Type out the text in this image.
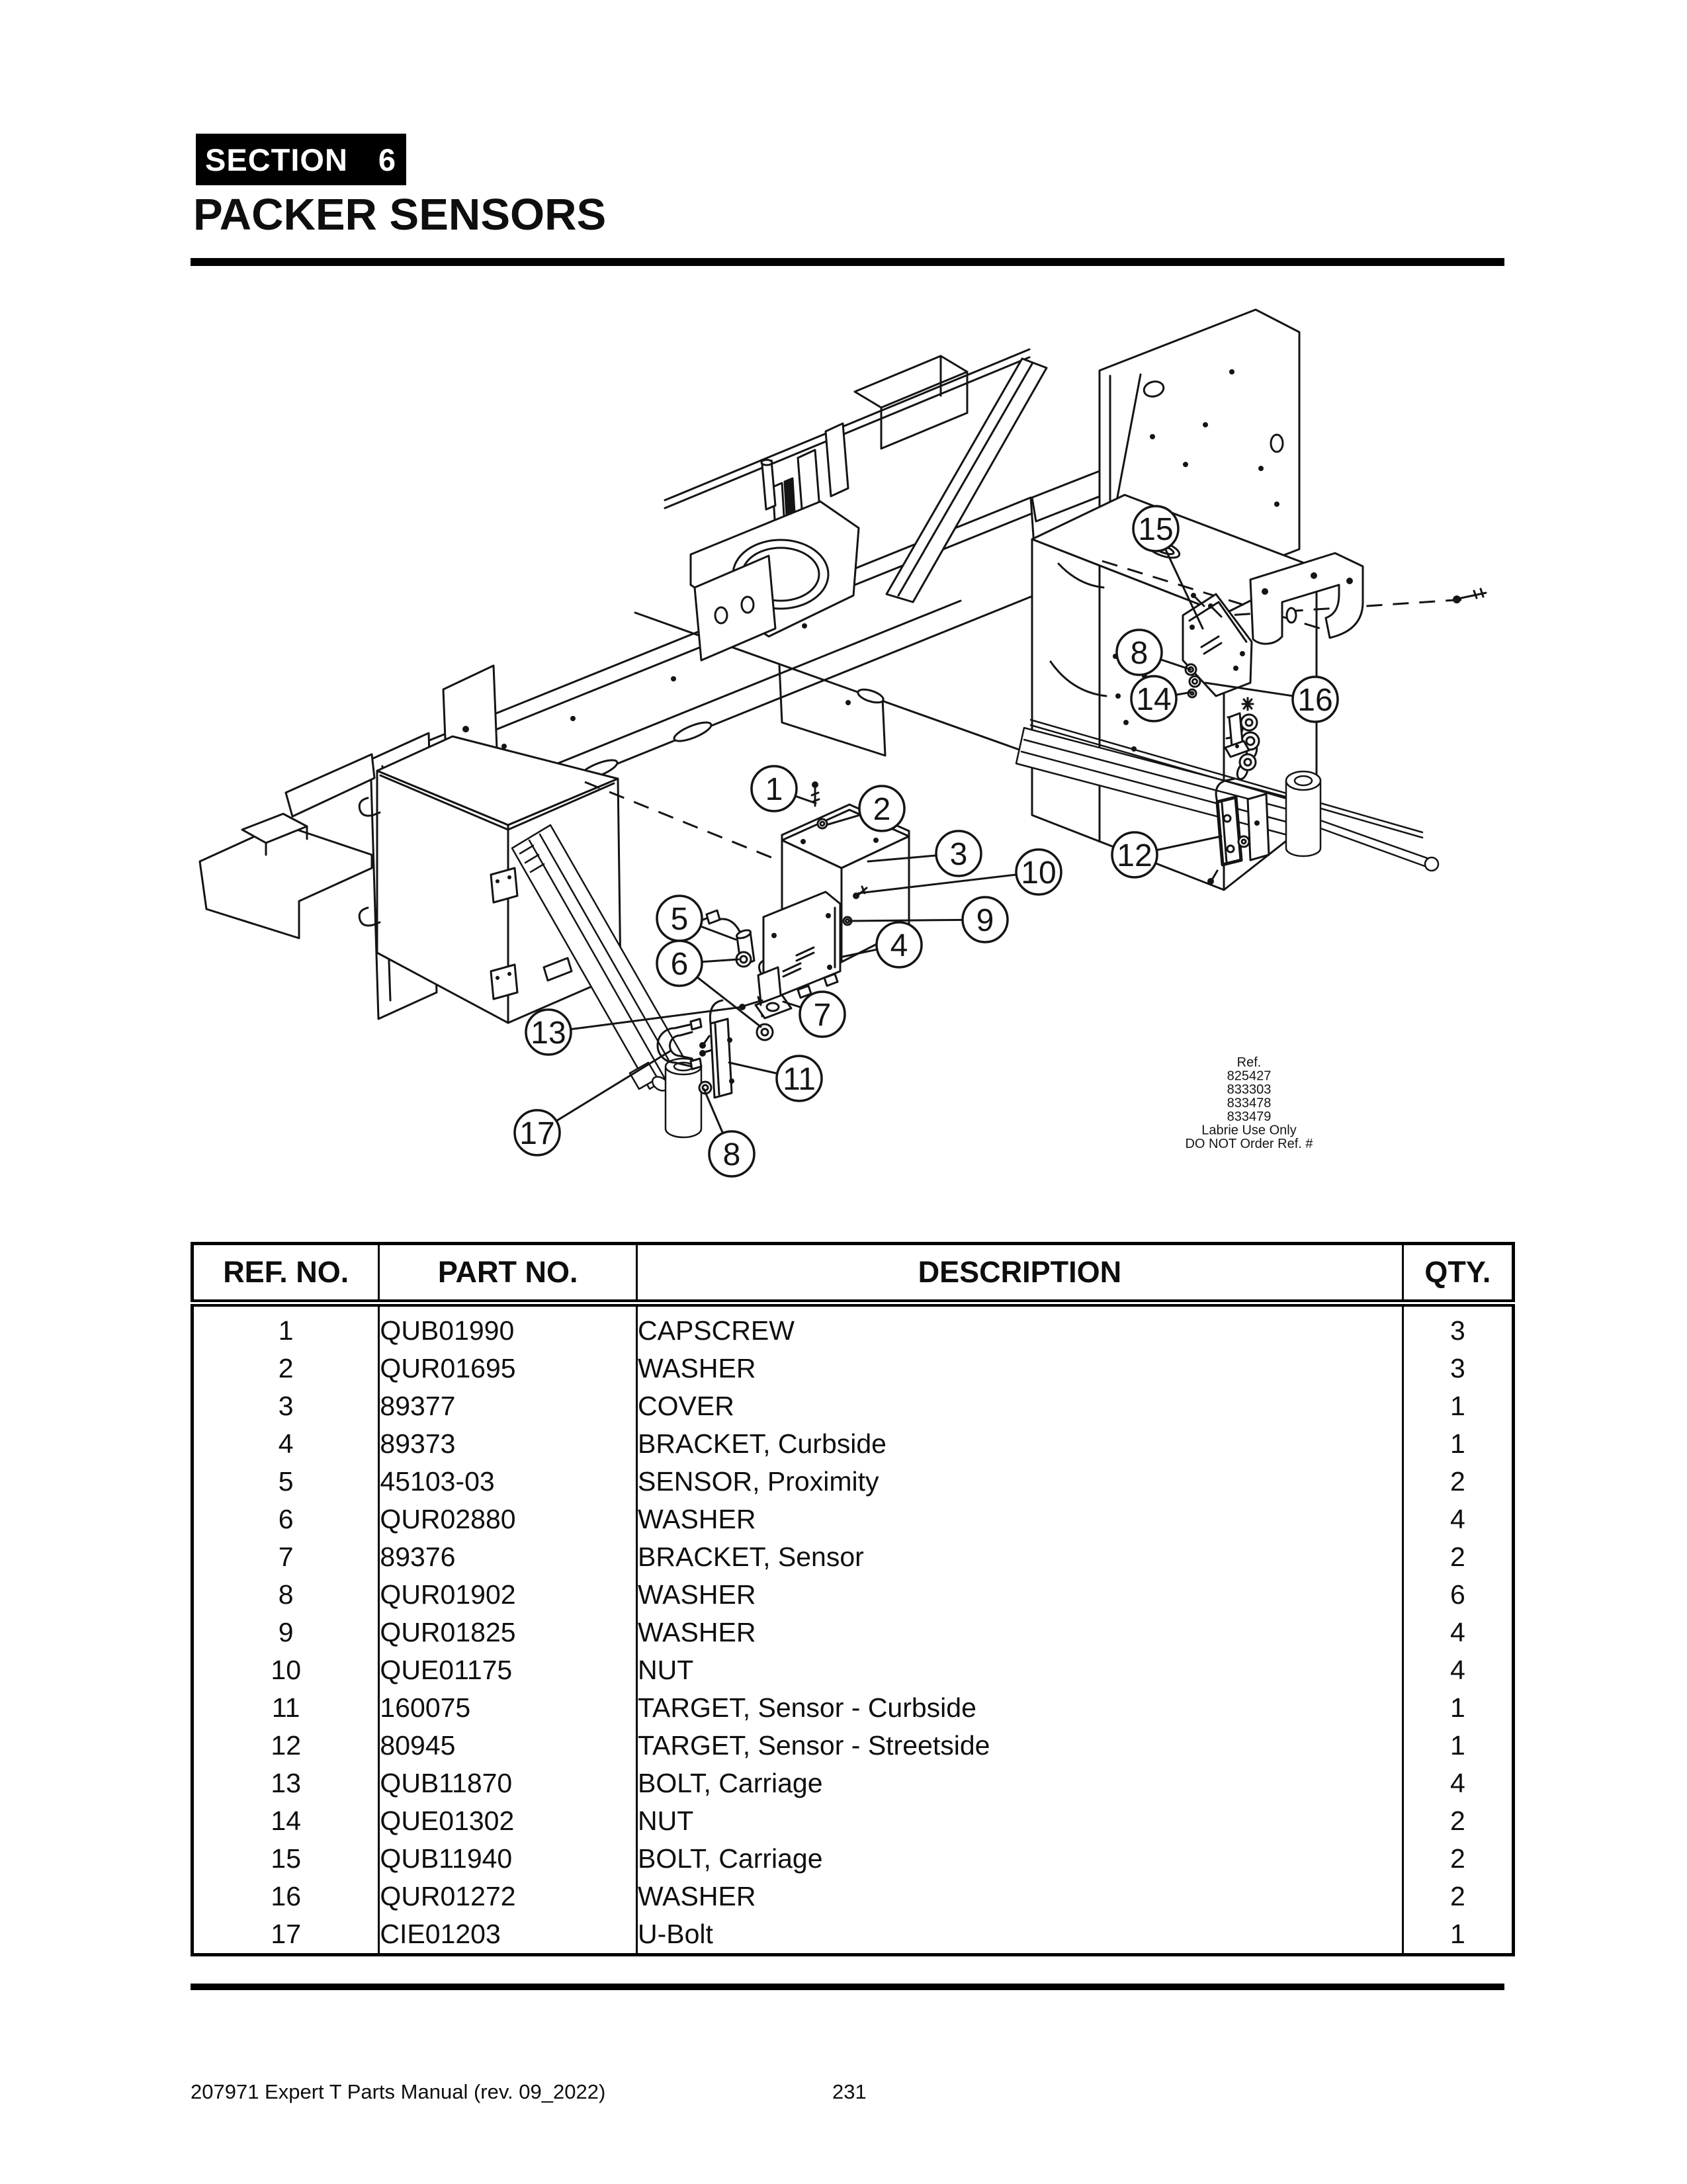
SECTION 6
PACKER SENSORS
Ref.
825427
833303
833478
833479
Labrie Use Only
DO NOT Order Ref. #
1
2
3
10 12
9
4
5
6
7
13
11
17
8
15
8
14	16
REF. NO.	PART NO.	DESCRIPTION	QTY.
1	QUB01990	CAPSCREW	3
2	QUR01695	WASHER	3
3	89377	COVER	1
4	89373	BRACKET, Curbside	1
5	45103-03	SENSOR, Proximity	2
6	QUR02880	WASHER	4
7	89376	BRACKET, Sensor	2
8	QUR01902	WASHER	6
9	QUR01825	WASHER	4
10	QUE01175	NUT	4
11	160075	TARGET, Sensor - Curbside	1
12	80945	TARGET, Sensor - Streetside	1
13	QUB11870	BOLT, Carriage	4
14	QUE01302	NUT	2
15	QUB11940	BOLT, Carriage	2
16	QUR01272	WASHER	2
17	CIE01203	U-Bolt	1
207971 Expert T Parts Manual (rev. 09_2022)	231
